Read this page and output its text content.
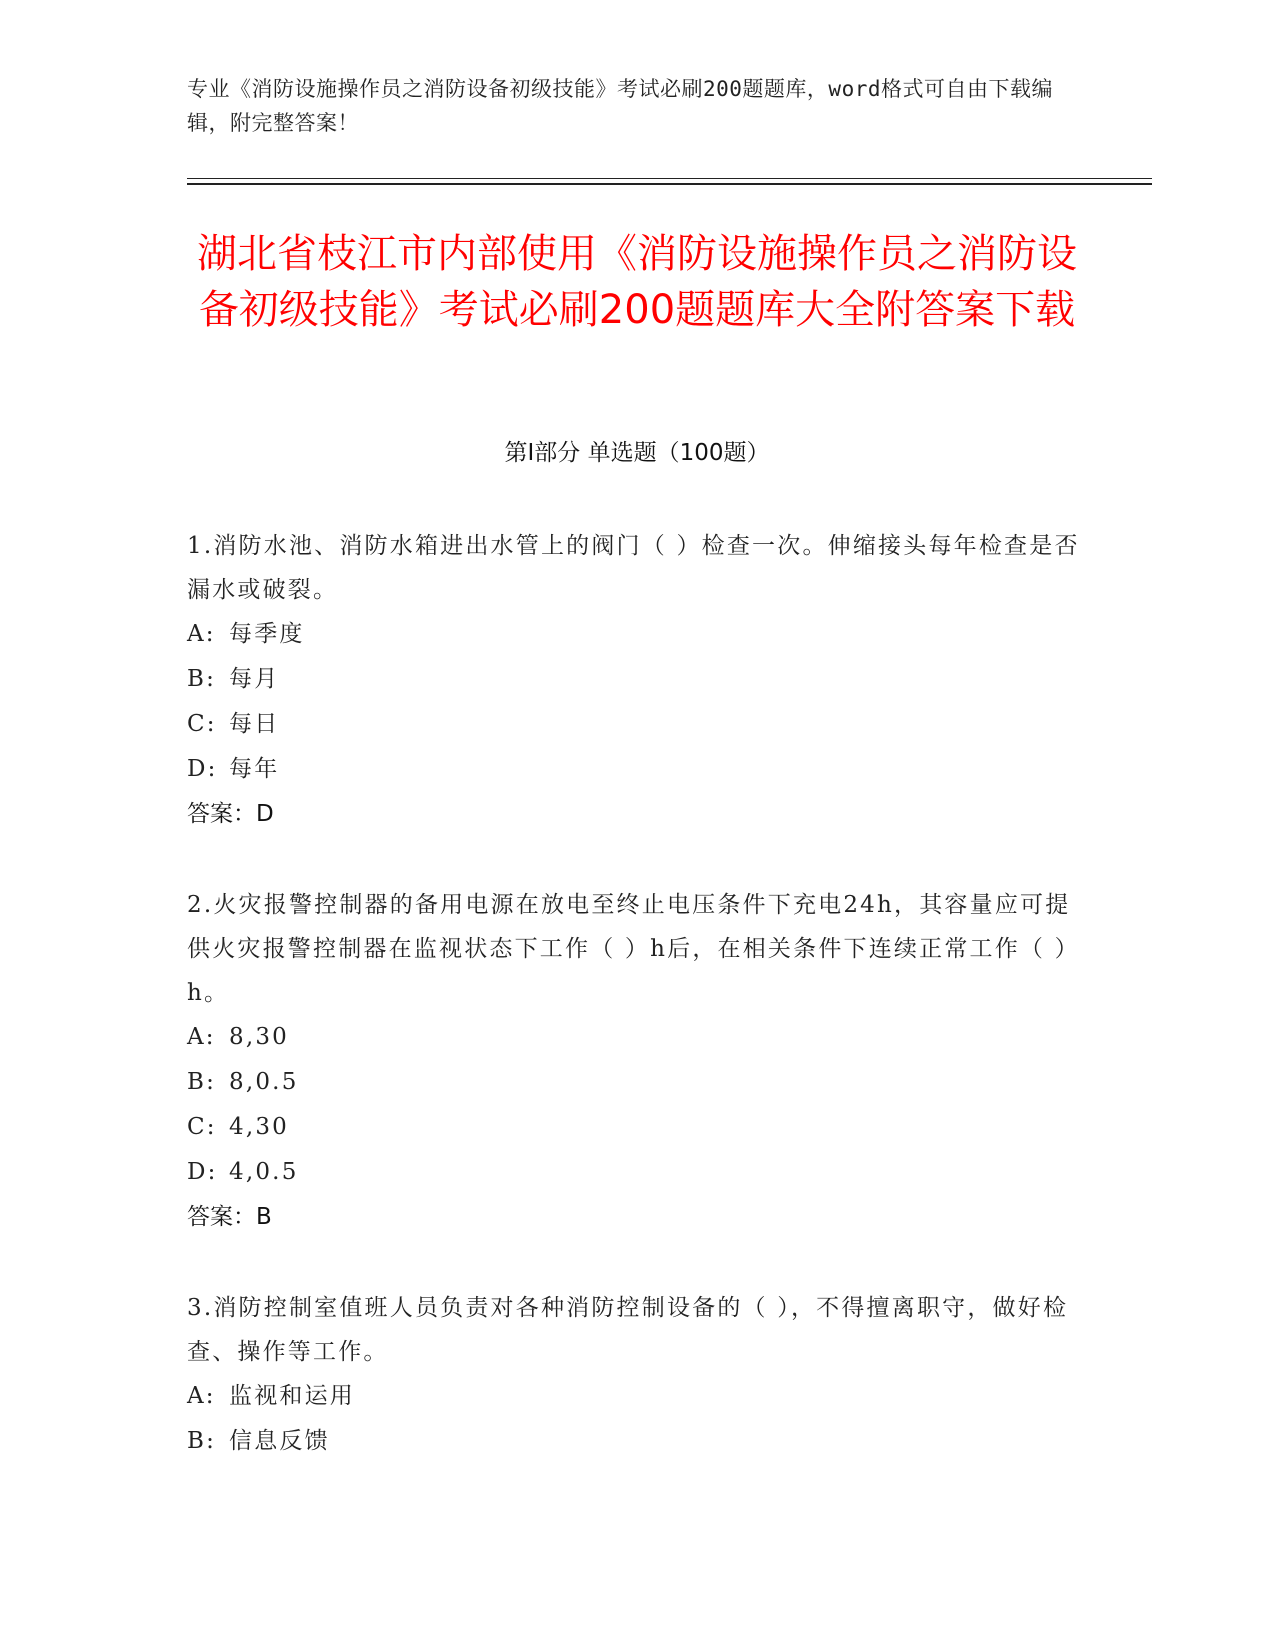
专业《消防设施操作员之消防设备初级技能》考试必刷200题题库，word格式可自由下载编辑，附完整答案！
湖北省枝江市内部使用《消防设施操作员之消防设备初级技能》考试必刷200题题库大全附答案下载
第Ⅰ部分 单选题（100题）

1.消防水池、消防水箱进出水管上的阀门（ ）检查一次。伸缩接头每年检查是否漏水或破裂。

A: 每季度

B: 每月

C: 每日

D: 每年

答案：D

2.火灾报警控制器的备用电源在放电至终止电压条件下充电24h，其容量应可提供火灾报警控制器在监视状态下工作（ ）h后，在相关条件下连续正常工作（ ）h。

A: 8,30

B: 8,0.5

C: 4,30

D: 4,0.5

答案：B

3.消防控制室值班人员负责对各种消防控制设备的（ ），不得擅离职守，做好检查、操作等工作。

A: 监视和运用

B: 信息反馈
